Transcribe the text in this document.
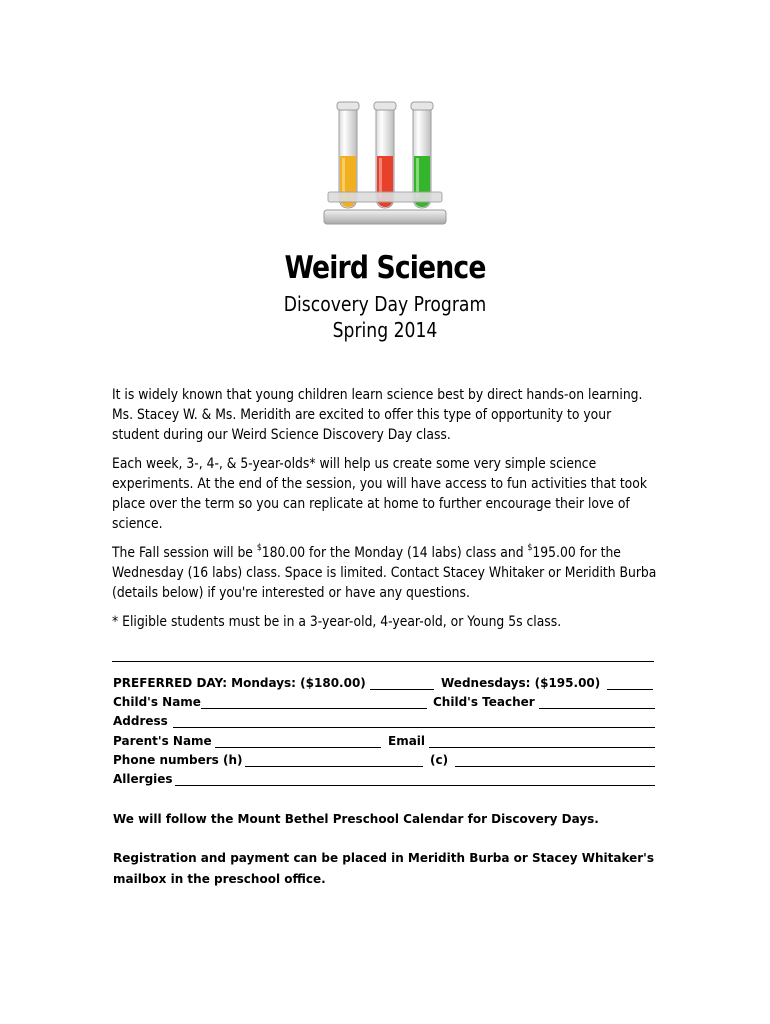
Weird Science
Discovery Day Program
Spring 2014
It is widely known that young children learn science best by direct hands-on learning. Ms. Stacey W. & Ms. Meridith are excited to offer this type of opportunity to your student during our Weird Science Discovery Day class.
Each week, 3-, 4-, & 5-year-olds* will help us create some very simple science experiments. At the end of the session, you will have access to fun activities that took place over the term so you can replicate at home to further encourage their love of science.
The Fall session will be $180.00 for the Monday (14 labs) class and $195.00 for the Wednesday (16 labs) class. Space is limited. Contact Stacey Whitaker or Meridith Burba (details below) if you're interested or have any questions.
* Eligible students must be in a 3-year-old, 4-year-old, or Young 5s class.
PREFERRED DAY: Mondays: ($180.00)	Wednesdays: ($195.00)
Child's Name	Child's Teacher
Address
Parent's Name	Email
Phone numbers (h)	(c)
Allergies
We will follow the Mount Bethel Preschool Calendar for Discovery Days.
Registration and payment can be placed in Meridith Burba or Stacey Whitaker's mailbox in the preschool office.
